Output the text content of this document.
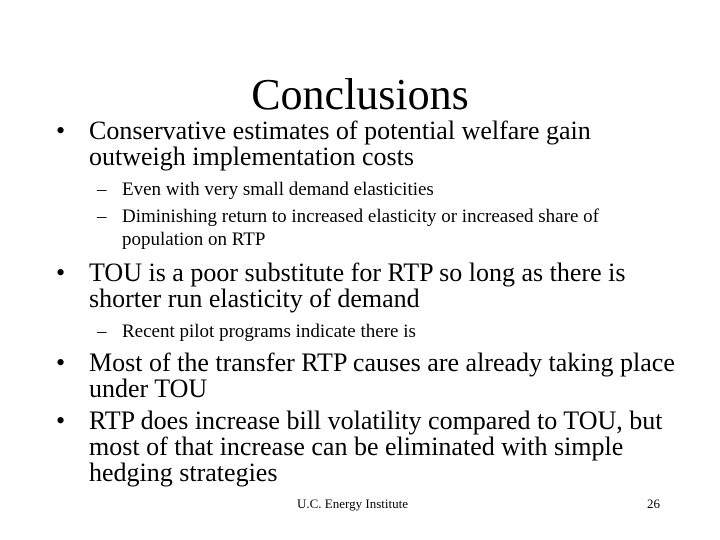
Conclusions
• Conservative estimates of potential welfare gain outweigh implementation costs
– Even with very small demand elasticities
– Diminishing return to increased elasticity or increased share of population on RTP
• TOU is a poor substitute for RTP so long as there is shorter run elasticity of demand
– Recent pilot programs indicate there is
• Most of the transfer RTP causes are already taking place under TOU
• RTP does increase bill volatility compared to TOU, but most of that increase can be eliminated with simple hedging strategies
U.C. Energy Institute	26
